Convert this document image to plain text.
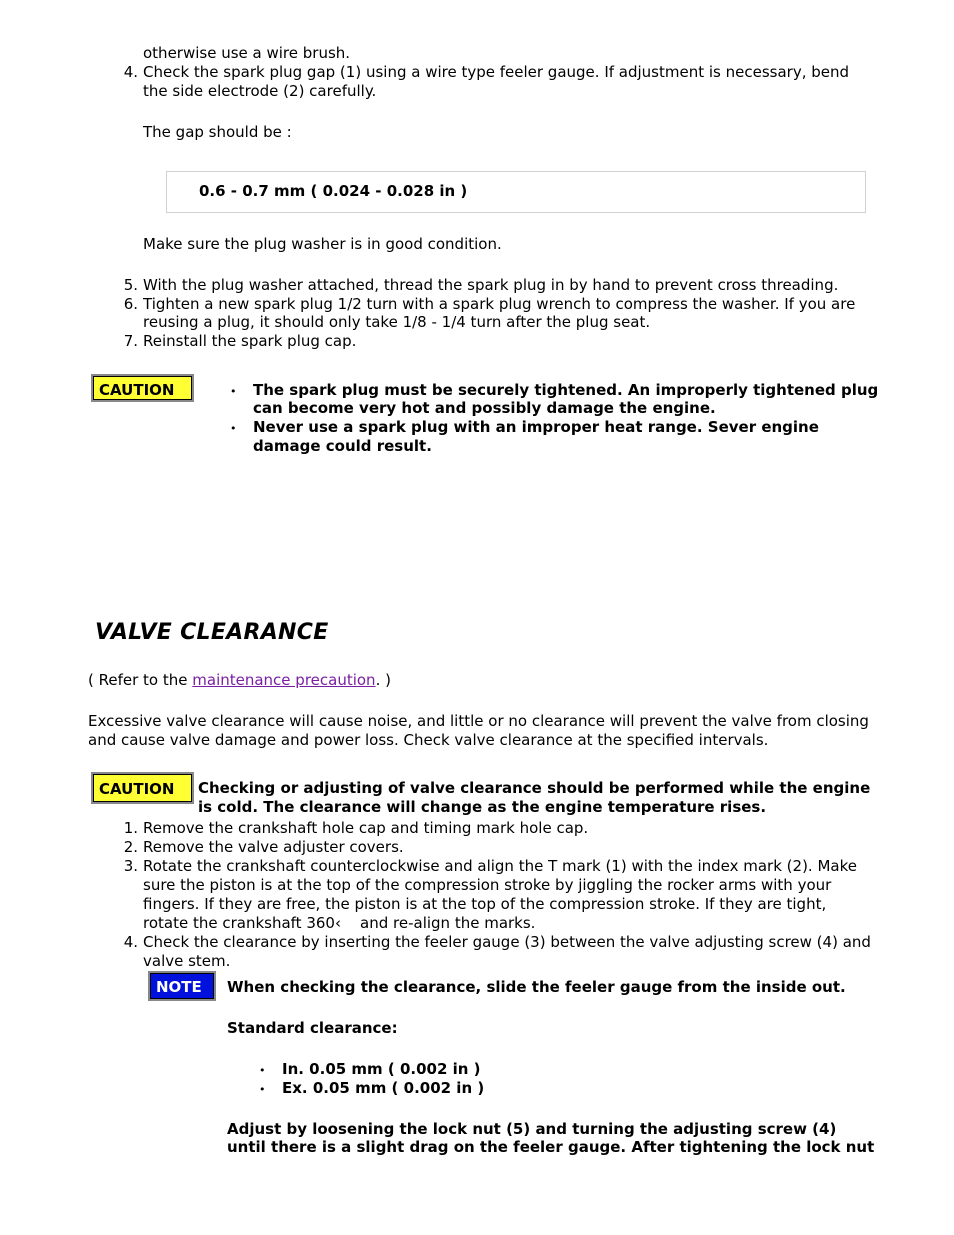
otherwise use a wire brush.
4. Check the spark plug gap (1) using a wire type feeler gauge. If adjustment is necessary, bend
the side electrode (2) carefully.
The gap should be :
0.6 - 0.7 mm ( 0.024 - 0.028 in )
Make sure the plug washer is in good condition.
5. With the plug washer attached, thread the spark plug in by hand to prevent cross threading.
6. Tighten a new spark plug 1/2 turn with a spark plug wrench to compress the washer. If you are
reusing a plug, it should only take 1/8 - 1/4 turn after the plug seat.
7. Reinstall the spark plug cap.
CAUTION	• The spark plug must be securely tightened. An improperly tightened plug
can become very hot and possibly damage the engine.
• Never use a spark plug with an improper heat range. Sever engine
damage could result.
VALVE CLEARANCE
( Refer to the maintenance precaution. )
Excessive valve clearance will cause noise, and little or no clearance will prevent the valve from closing
and cause valve damage and power loss. Check valve clearance at the specified intervals.
CAUTION	Checking or adjusting of valve clearance should be performed while the engine
is cold. The clearance will change as the engine temperature rises.
1. Remove the crankshaft hole cap and timing mark hole cap.
2. Remove the valve adjuster covers.
3. Rotate the crankshaft counterclockwise and align the T mark (1) with the index mark (2). Make
sure the piston is at the top of the compression stroke by jiggling the rocker arms with your
fingers. If they are free, the piston is at the top of the compression stroke. If they are tight,
rotate the crankshaft 360‹    and re-align the marks.
4. Check the clearance by inserting the feeler gauge (3) between the valve adjusting screw (4) and
valve stem.
NOTE	When checking the clearance, slide the feeler gauge from the inside out.
Standard clearance:
• In. 0.05 mm ( 0.002 in )
• Ex. 0.05 mm ( 0.002 in )
Adjust by loosening the lock nut (5) and turning the adjusting screw (4)
until there is a slight drag on the feeler gauge. After tightening the lock nut
